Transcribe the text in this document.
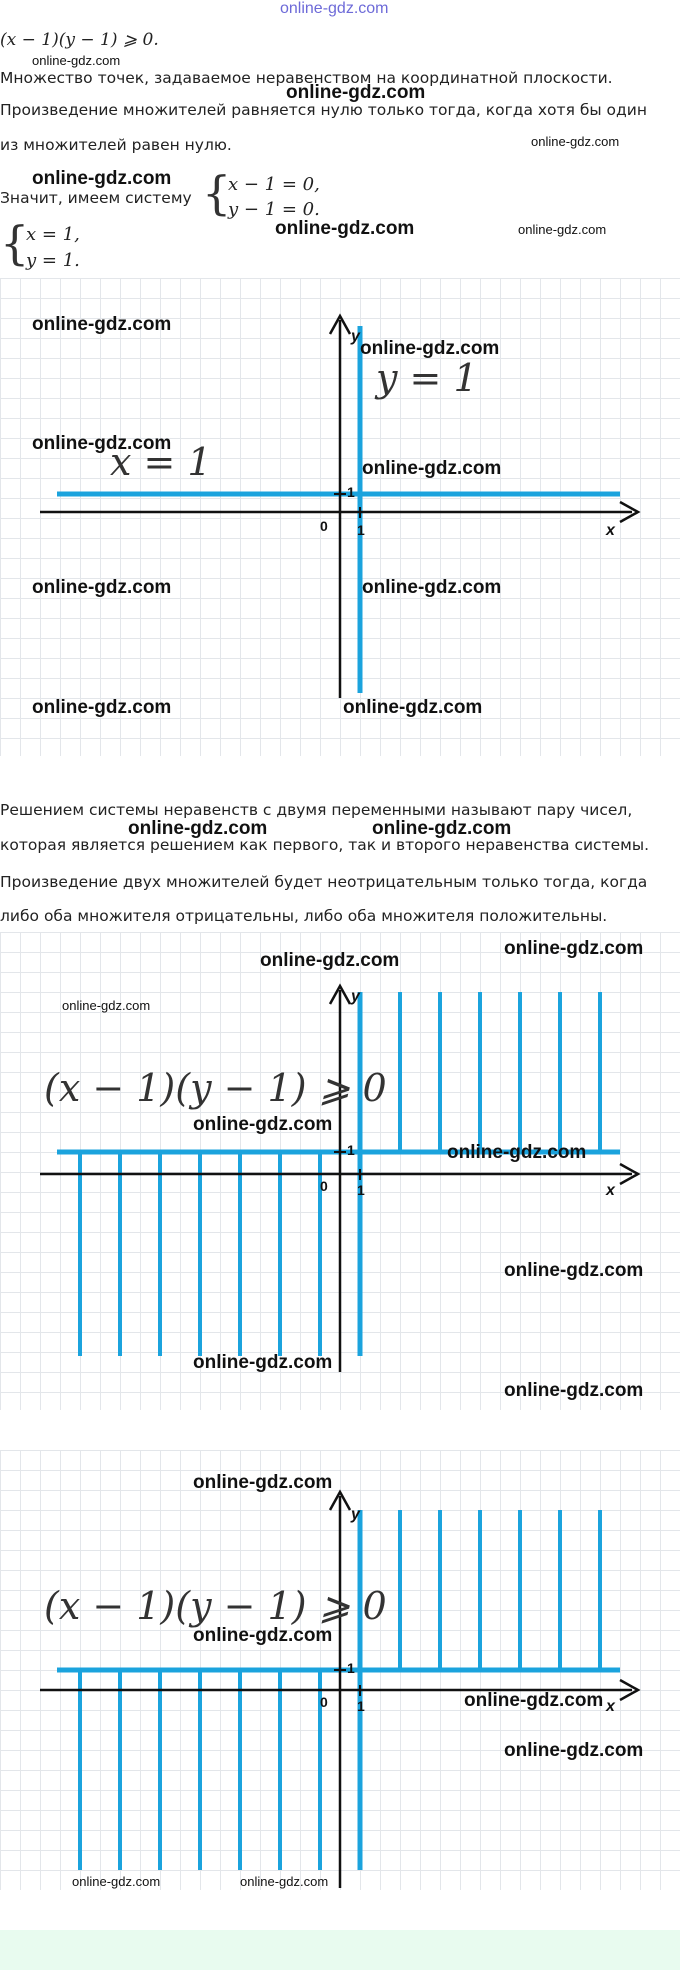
online-gdz.com
(x − 1)(y − 1) ⩾ 0.
online-gdz.com
Множество точек, задаваемое неравенством на координатной плоскости.
online-gdz.com
Произведение множителей равняется нулю только тогда, когда хотя бы один
из множителей равен нулю.	online-gdz.com
online-gdz.com
Значит, имеем систему {
x − 1 = 0,
y − 1 = 0.
online-gdz.com	online-gdz.com
{
x = 1,
y = 1.
y = 1
x = 1
x
y
0 1
1
online-gdz.com
online-gdz.com
online-gdz.com
online-gdz.com
online-gdz.com	online-gdz.com
online-gdz.com	online-gdz.com
Решением системы неравенств с двумя переменными называют пару чисел,
online-gdz.com	online-gdz.com
которая является решением как первого, так и второго неравенства системы.
Произведение двух множителей будет неотрицательным только тогда, когда
либо оба множителя отрицательны, либо оба множителя положительны.
(x − 1)(y − 1) ⩾ 0
x
y
0 1
1
online-gdz.com
online-gdz.com
online-gdz.com
online-gdz.com
online-gdz.com
online-gdz.com
online-gdz.com
online-gdz.com
(x − 1)(y − 1) ⩾ 0
x
y
0 1
1
online-gdz.com
online-gdz.com
online-gdz.com
online-gdz.com
online-gdz.com	online-gdz.com
